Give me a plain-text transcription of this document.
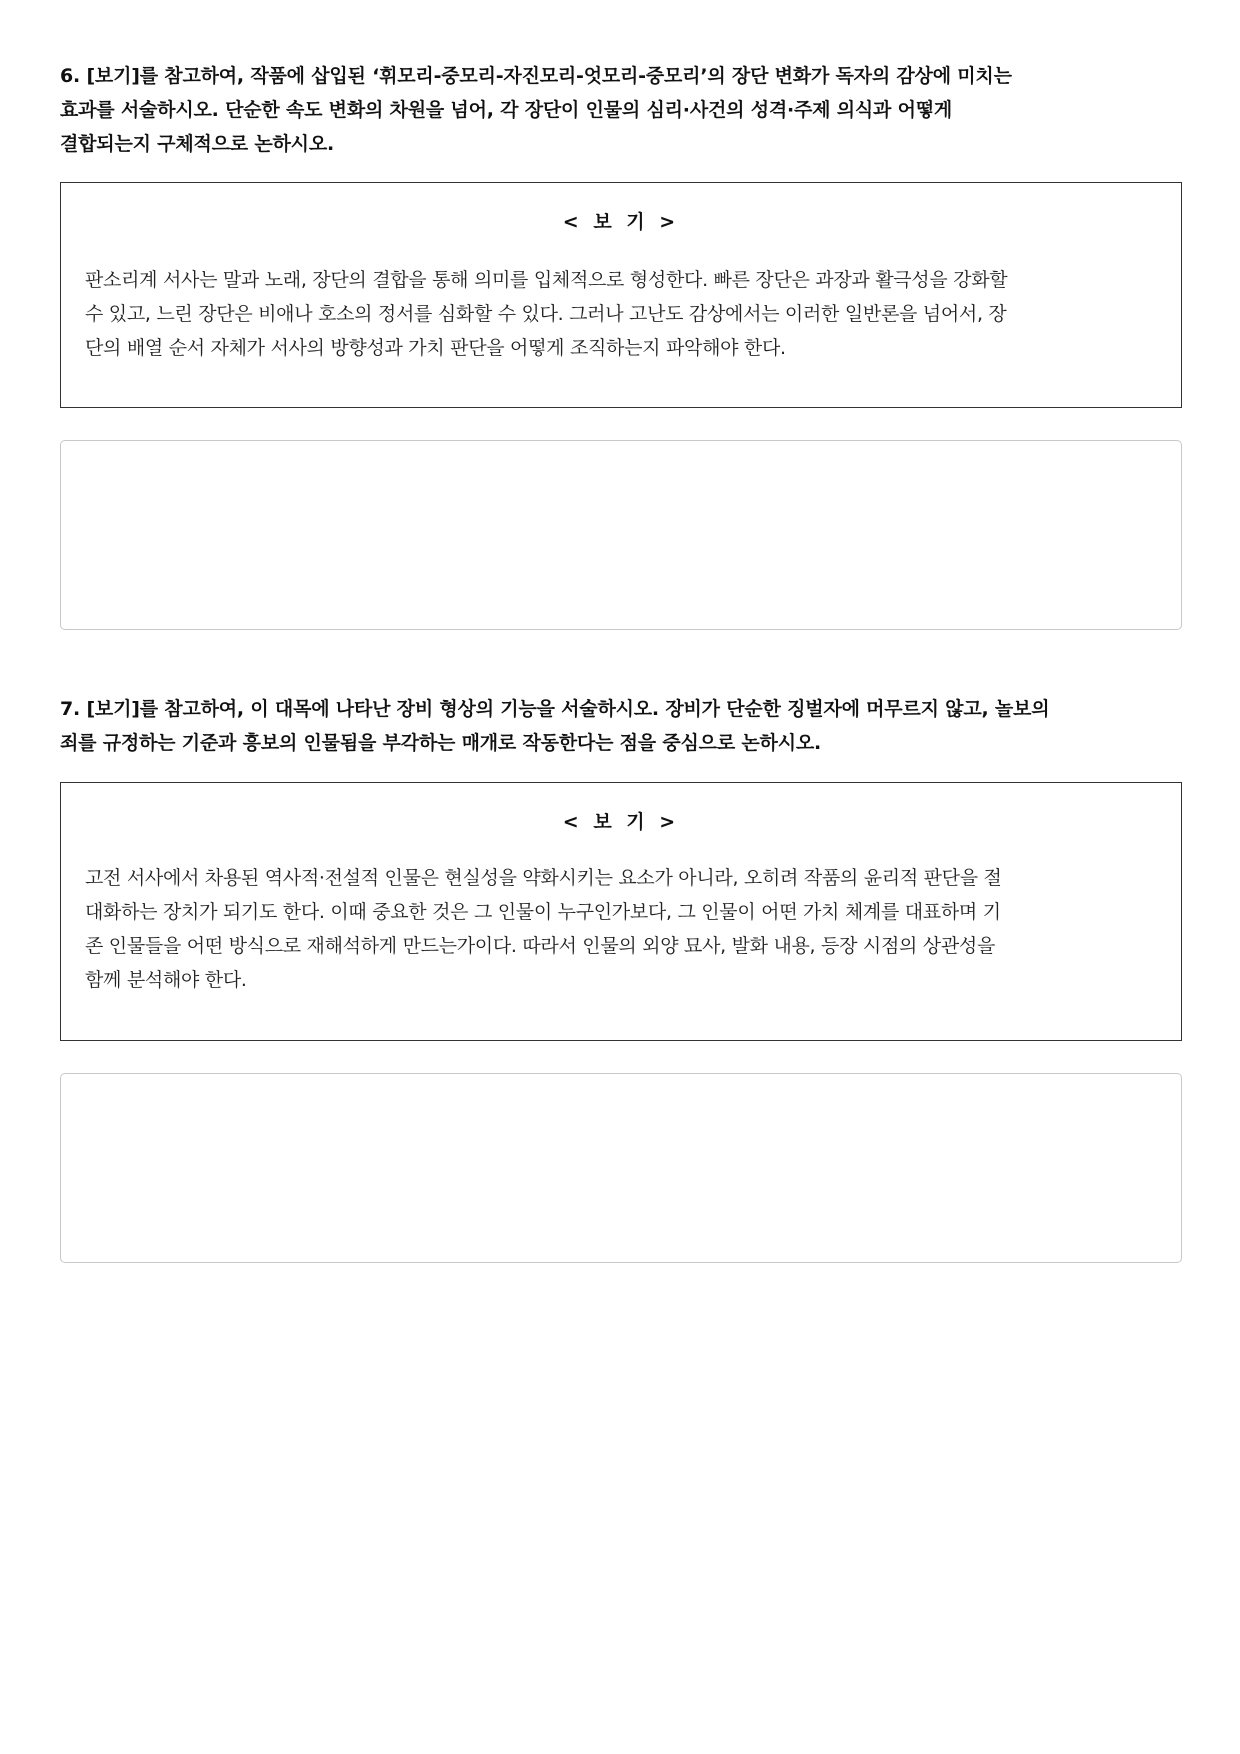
6. [보기]를 참고하여, 작품에 삽입된 ‘휘모리-중모리-자진모리-엇모리-중모리’의 장단 변화가 독자의 감상에 미치는
효과를 서술하시오. 단순한 속도 변화의 차원을 넘어, 각 장단이 인물의 심리·사건의 성격·주제 의식과 어떻게
결합되는지 구체적으로 논하시오.
< 보 기 >
판소리계 서사는 말과 노래, 장단의 결합을 통해 의미를 입체적으로 형성한다. 빠른 장단은 과장과 활극성을 강화할
수 있고, 느린 장단은 비애나 호소의 정서를 심화할 수 있다. 그러나 고난도 감상에서는 이러한 일반론을 넘어서, 장
단의 배열 순서 자체가 서사의 방향성과 가치 판단을 어떻게 조직하는지 파악해야 한다.
7. [보기]를 참고하여, 이 대목에 나타난 장비 형상의 기능을 서술하시오. 장비가 단순한 징벌자에 머무르지 않고, 놀보의
죄를 규정하는 기준과 흥보의 인물됨을 부각하는 매개로 작동한다는 점을 중심으로 논하시오.
< 보 기 >
고전 서사에서 차용된 역사적·전설적 인물은 현실성을 약화시키는 요소가 아니라, 오히려 작품의 윤리적 판단을 절
대화하는 장치가 되기도 한다. 이때 중요한 것은 그 인물이 누구인가보다, 그 인물이 어떤 가치 체계를 대표하며 기
존 인물들을 어떤 방식으로 재해석하게 만드는가이다. 따라서 인물의 외양 묘사, 발화 내용, 등장 시점의 상관성을
함께 분석해야 한다.
